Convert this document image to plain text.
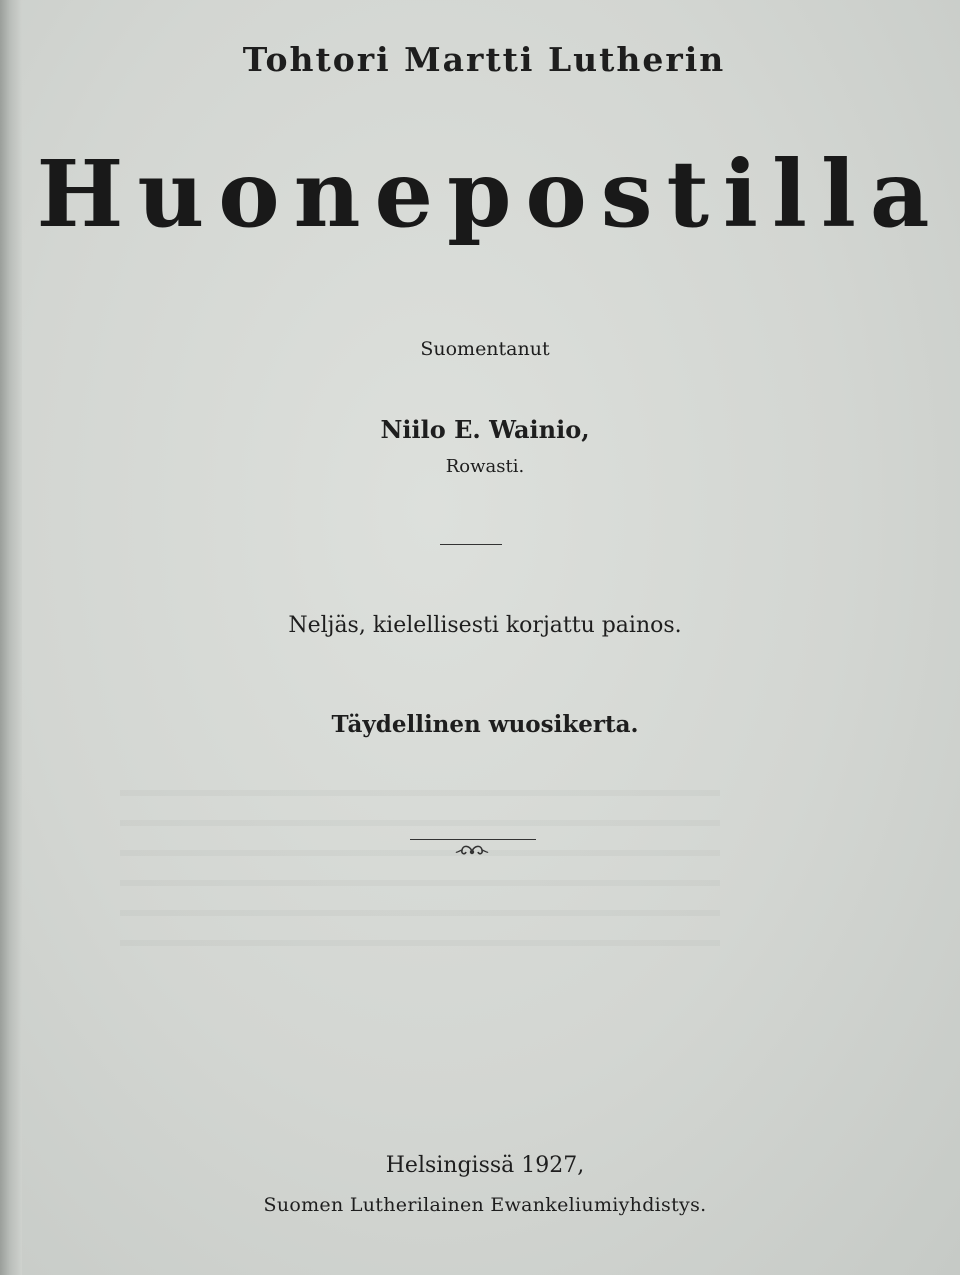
Tohtori Martti Lutherin
Huonepostilla
Suomentanut
Niilo E. Wainio,
Rowasti.
Neljäs, kielellisesti korjattu painos.
Täydellinen wuosikerta.
Helsingissä 1927,
Suomen Lutherilainen Ewankeliumiyhdistys.
